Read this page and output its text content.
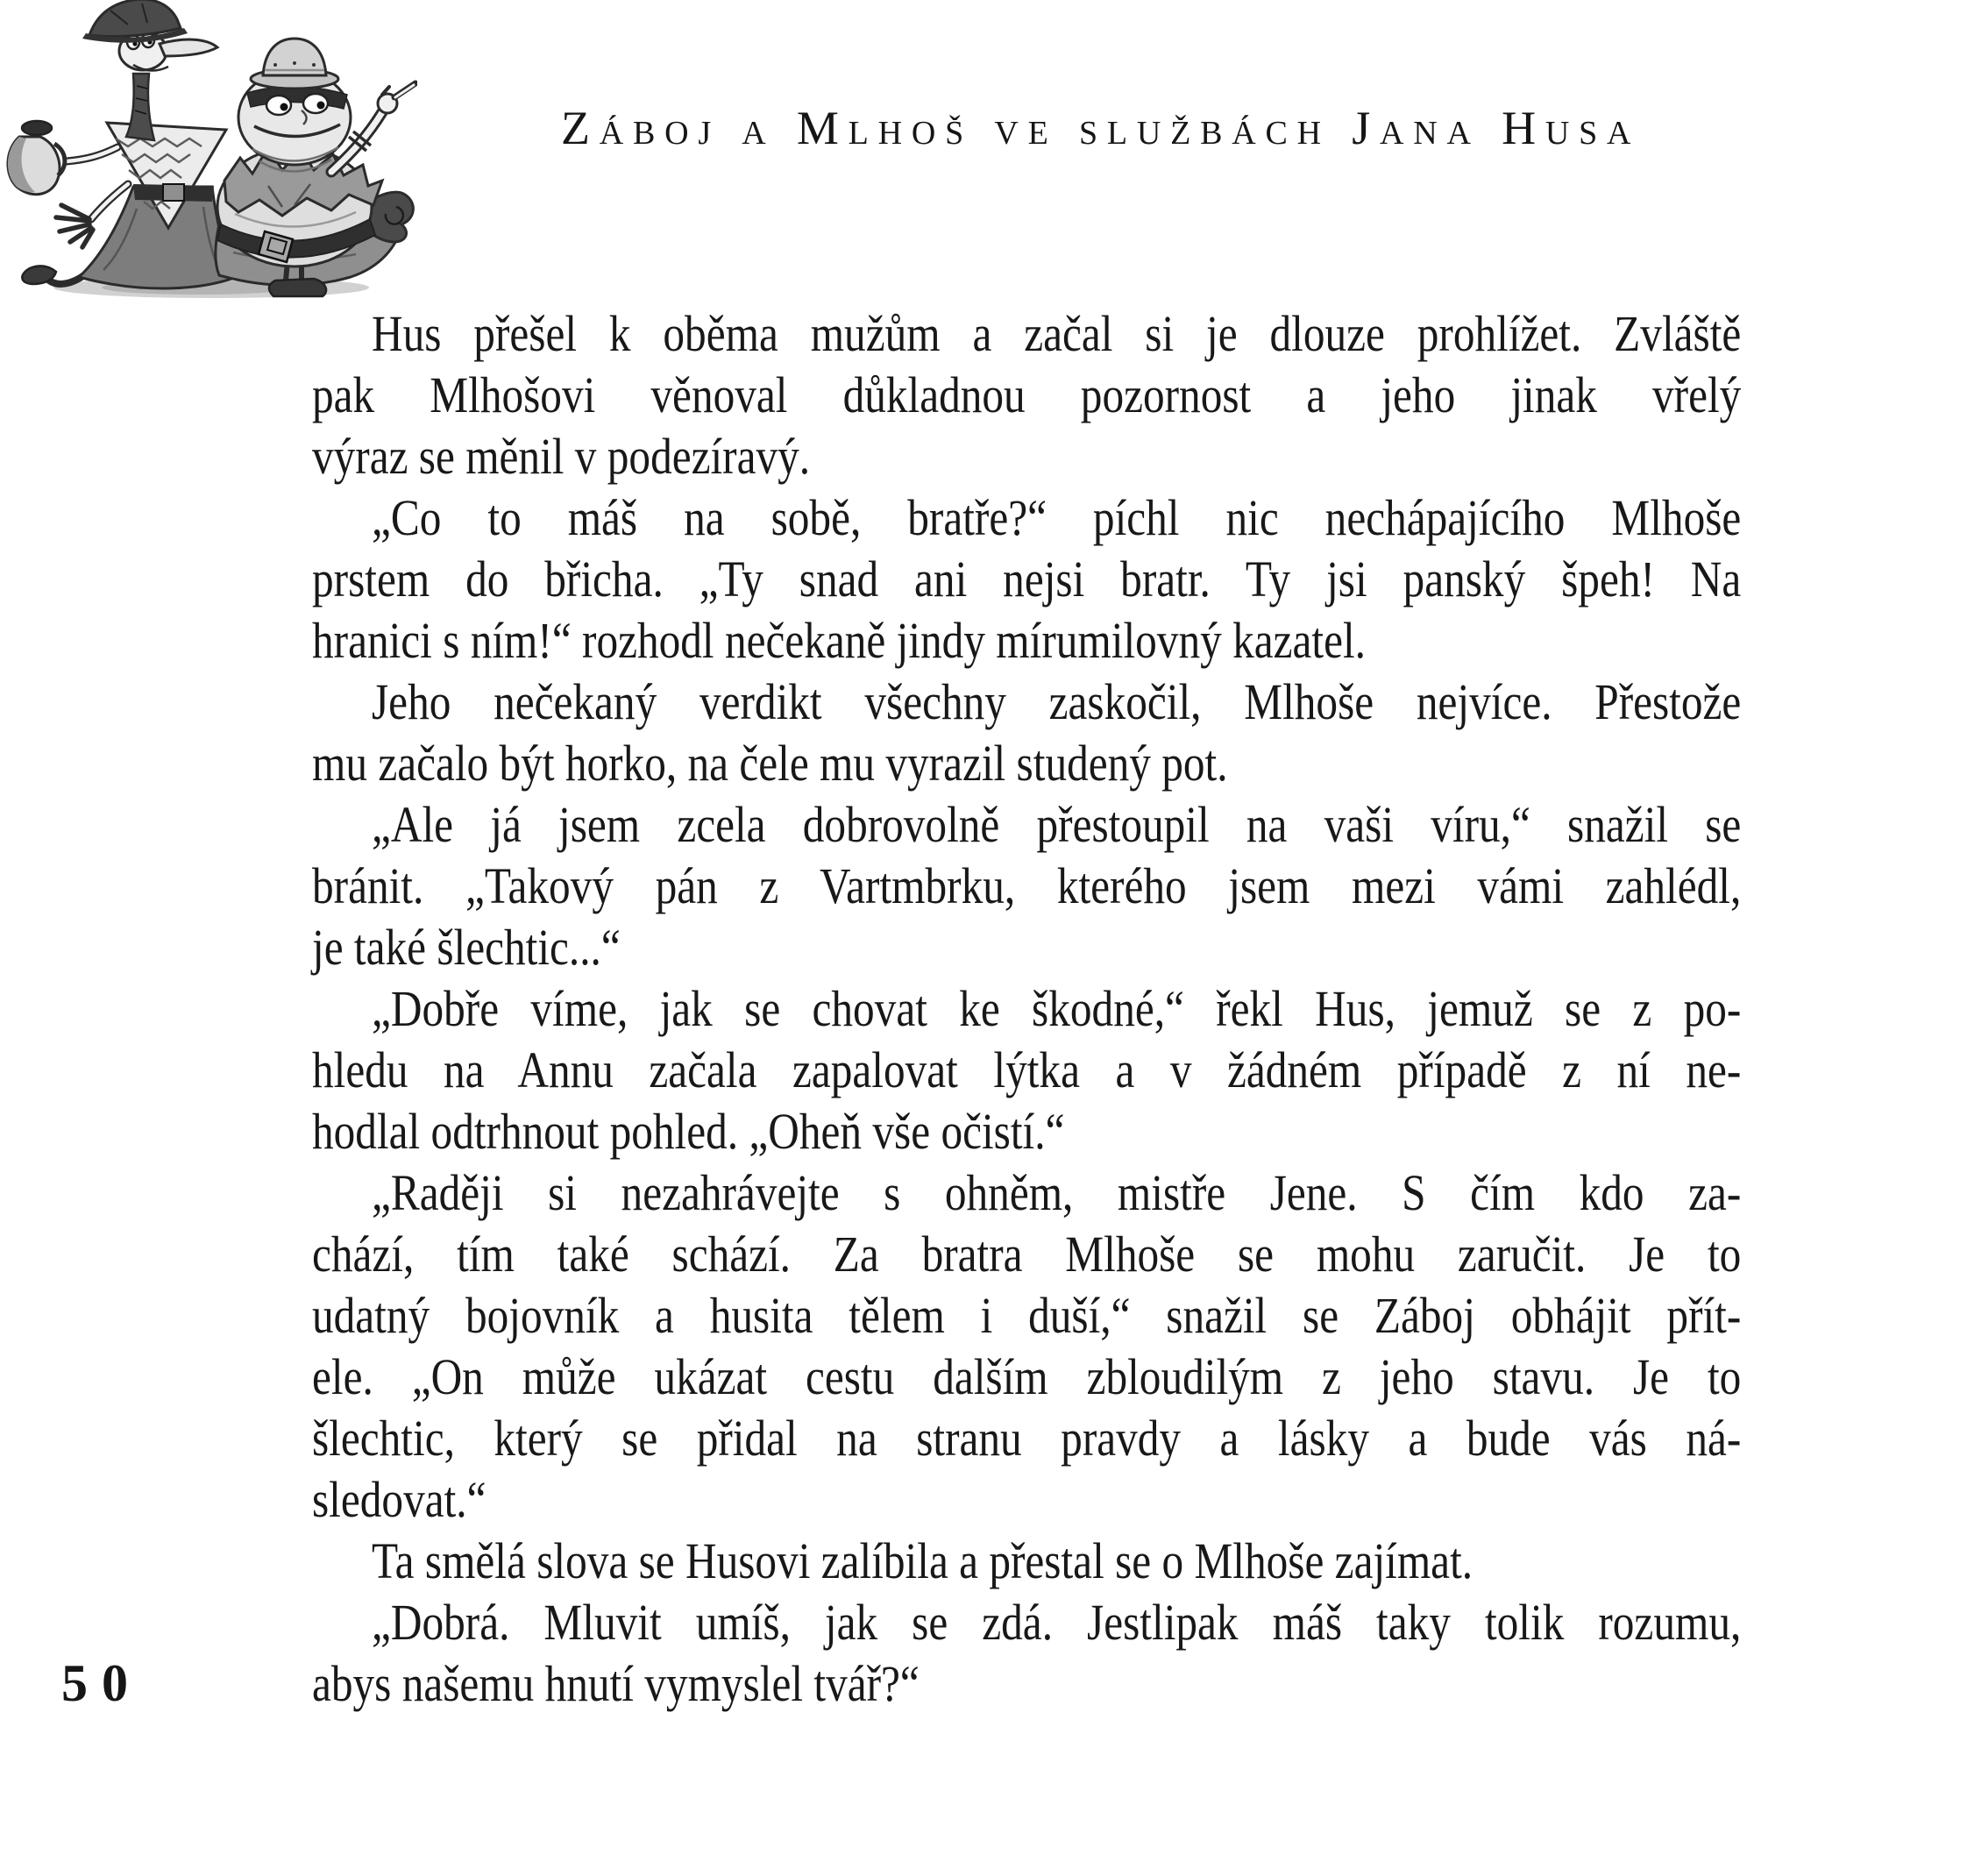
Záboj a Mlhoš ve službách Jana Husa
Hus přešel k oběma mužům a začal si je dlouze prohlížet. Zvláště
pak Mlhošovi věnoval důkladnou pozornost a jeho jinak vřelý
výraz se měnil v podezíravý.
„Co to máš na sobě, bratře?“ píchl nic nechápajícího Mlhoše
prstem do břicha. „Ty snad ani nejsi bratr. Ty jsi panský špeh! Na
hranici s ním!“ rozhodl nečekaně jindy mírumilovný kazatel.
Jeho nečekaný verdikt všechny zaskočil, Mlhoše nejvíce. Přestože
mu začalo být horko, na čele mu vyrazil studený pot.
„Ale já jsem zcela dobrovolně přestoupil na vaši víru,“ snažil se
bránit. „Takový pán z Vartmbrku, kterého jsem mezi vámi zahlédl,
je také šlechtic...“
„Dobře víme, jak se chovat ke škodné,“ řekl Hus, jemuž se z po-
hledu na Annu začala zapalovat lýtka a v žádném případě z ní ne-
hodlal odtrhnout pohled. „Oheň vše očistí.“
„Raději si nezahrávejte s ohněm, mistře Jene. S čím kdo za-
chází, tím také schází. Za bratra Mlhoše se mohu zaručit. Je to
udatný bojovník a husita tělem i duší,“ snažil se Záboj obhájit přít-
ele. „On může ukázat cestu dalším zbloudilým z jeho stavu. Je to
šlechtic, který se přidal na stranu pravdy a lásky a bude vás ná-
sledovat.“
Ta smělá slova se Husovi zalíbila a přestal se o Mlhoše zajímat.
„Dobrá. Mluvit umíš, jak se zdá. Jestlipak máš taky tolik rozumu,
abys našemu hnutí vymyslel tvář?“
50
